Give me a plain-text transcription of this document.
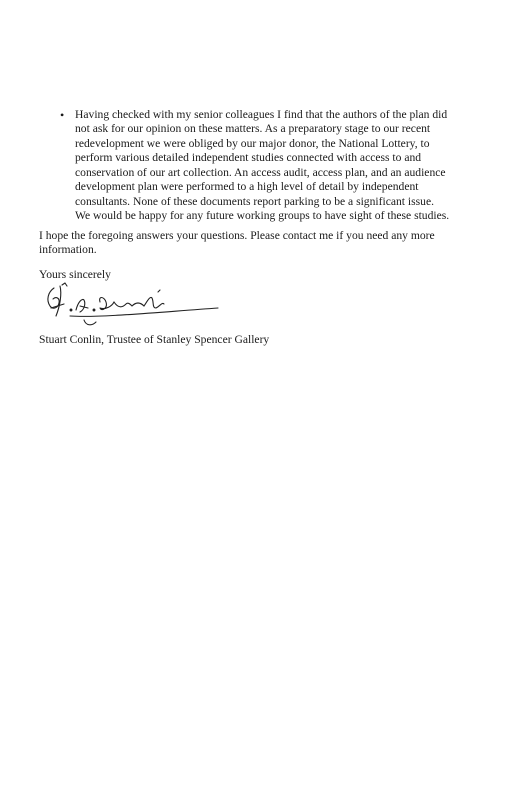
• Having checked with my senior colleagues I find that the authors of the plan did
not ask for our opinion on these matters. As a preparatory stage to our recent
redevelopment we were obliged by our major donor, the National Lottery, to
perform various detailed independent studies connected with access to and
conservation of our art collection. An access audit, access plan, and an audience
development plan were performed to a high level of detail by independent
consultants. None of these documents report parking to be a significant issue.
We would be happy for any future working groups to have sight of these studies.
I hope the foregoing answers your questions. Please contact me if you need any more
information.
Yours sincerely
Stuart Conlin, Trustee of Stanley Spencer Gallery
